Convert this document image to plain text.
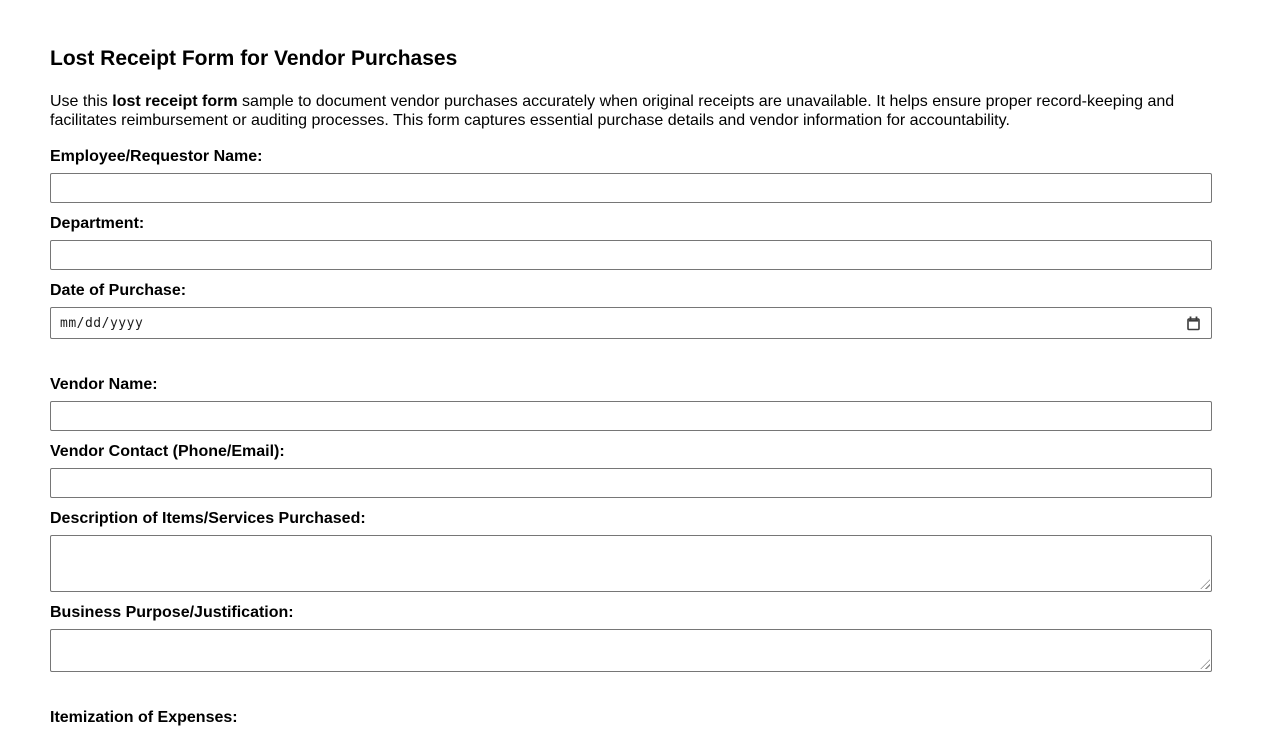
Lost Receipt Form for Vendor Purchases

Use this lost receipt form sample to document vendor purchases accurately when original receipts are unavailable. It helps ensure proper record-keeping and facilitates reimbursement or auditing processes. This form captures essential purchase details and vendor information for accountability.

Employee/Requestor Name:
Department:
Date of Purchase:
mm/dd/yyyy
Vendor Name:
Vendor Contact (Phone/Email):
Description of Items/Services Purchased:
Business Purpose/Justification:
Itemization of Expenses:
